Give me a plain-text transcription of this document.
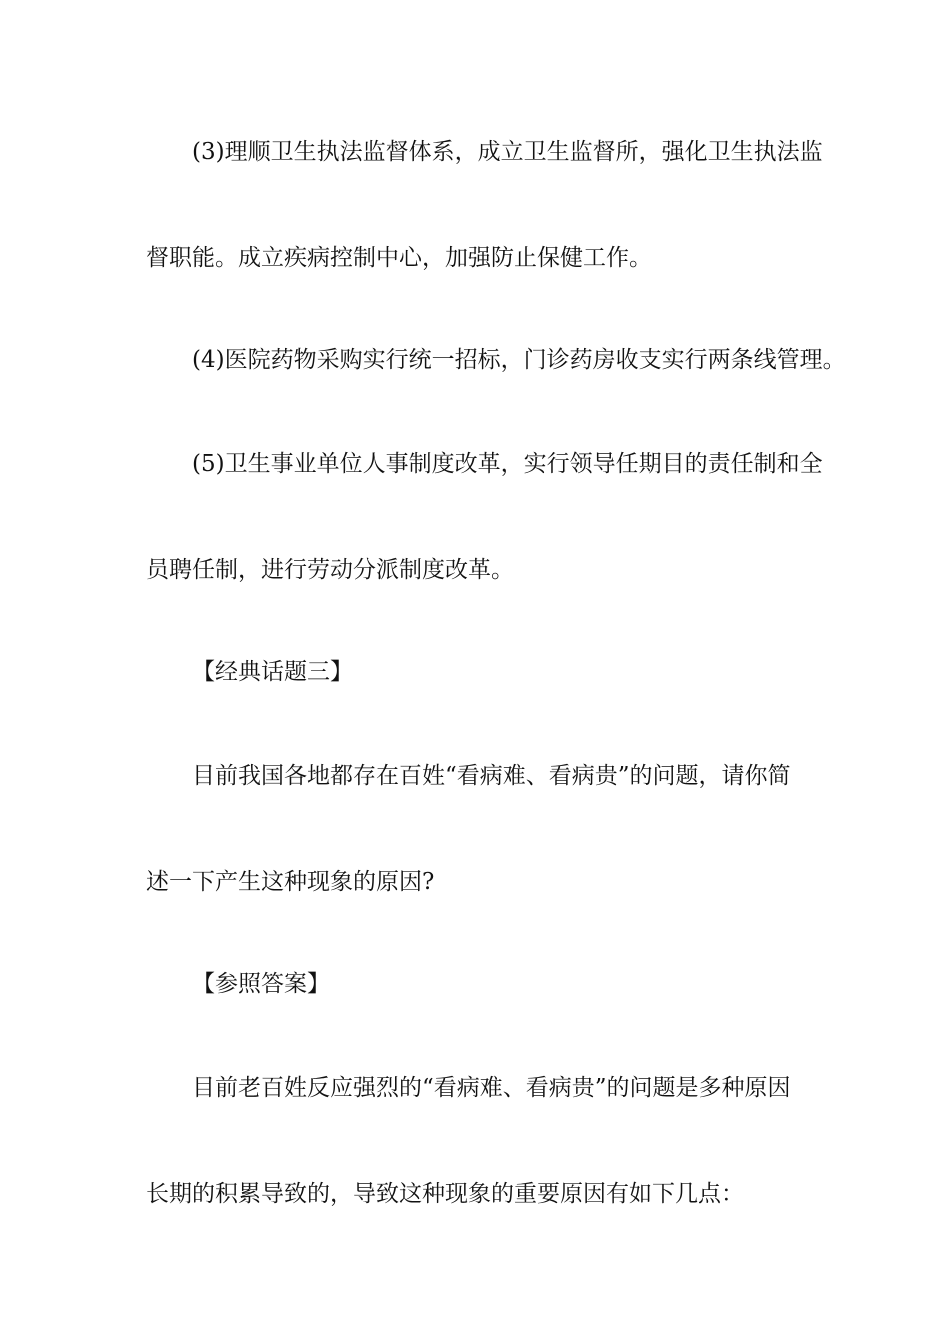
(3)理顺卫生执法监督体系，成立卫生监督所，强化卫生执法监
督职能。成立疾病控制中心，加强防止保健工作。
(4)医院药物采购实行统一招标，门诊药房收支实行两条线管理。
(5)卫生事业单位人事制度改革，实行领导任期目的责任制和全
员聘任制，进行劳动分派制度改革。
【经典话题三】
目前我国各地都存在百姓“看病难、看病贵”的问题，请你简
述一下产生这种现象的原因?
【参照答案】
目前老百姓反应强烈的“看病难、看病贵”的问题是多种原因
长期的积累导致的，导致这种现象的重要原因有如下几点：
